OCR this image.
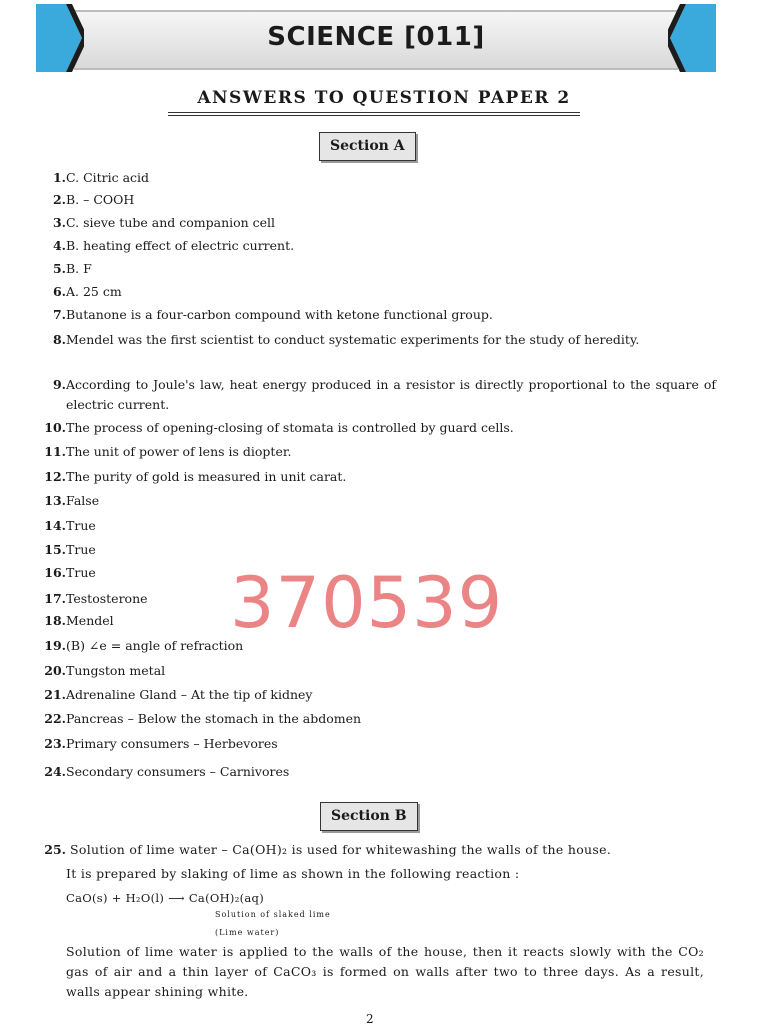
SCIENCE [011]
ANSWERS TO QUESTION PAPER 2
Section A
1. C. Citric acid
2. B. – COOH
3. C. sieve tube and companion cell
4. B. heating effect of electric current.
5. B. F
6. A. 25 cm
7. Butanone is a four-carbon compound with ketone functional group.
8. Mendel was the first scientist to conduct systematic experiments for the study of heredity.
9. According to Joule's law, heat energy produced in a resistor is directly proportional to the square of electric current.
10. The process of opening-closing of stomata is controlled by guard cells.
11. The unit of power of lens is diopter.
12. The purity of gold is measured in unit carat.
13. False
14. True
15. True
16. True
17. Testosterone
18. Mendel
19. (B) ∠e = angle of refraction
20. Tungston metal
21. Adrenaline Gland – At the tip of kidney
22. Pancreas – Below the stomach in the abdomen
23. Primary consumers – Herbevores
24. Secondary consumers – Carnivores
370539
Section B
25. Solution of lime water – Ca(OH)₂ is used for whitewashing the walls of the house.
It is prepared by slaking of lime as shown in the following reaction :
CaO(s) + H₂O(l) ⟶ Ca(OH)₂(aq)
Solution of slaked lime
(Lime water)
Solution of lime water is applied to the walls of the house, then it reacts slowly with the CO₂ gas of air and a thin layer of CaCO₃ is formed on walls after two to three days. As a result, walls appear shining white.
2
